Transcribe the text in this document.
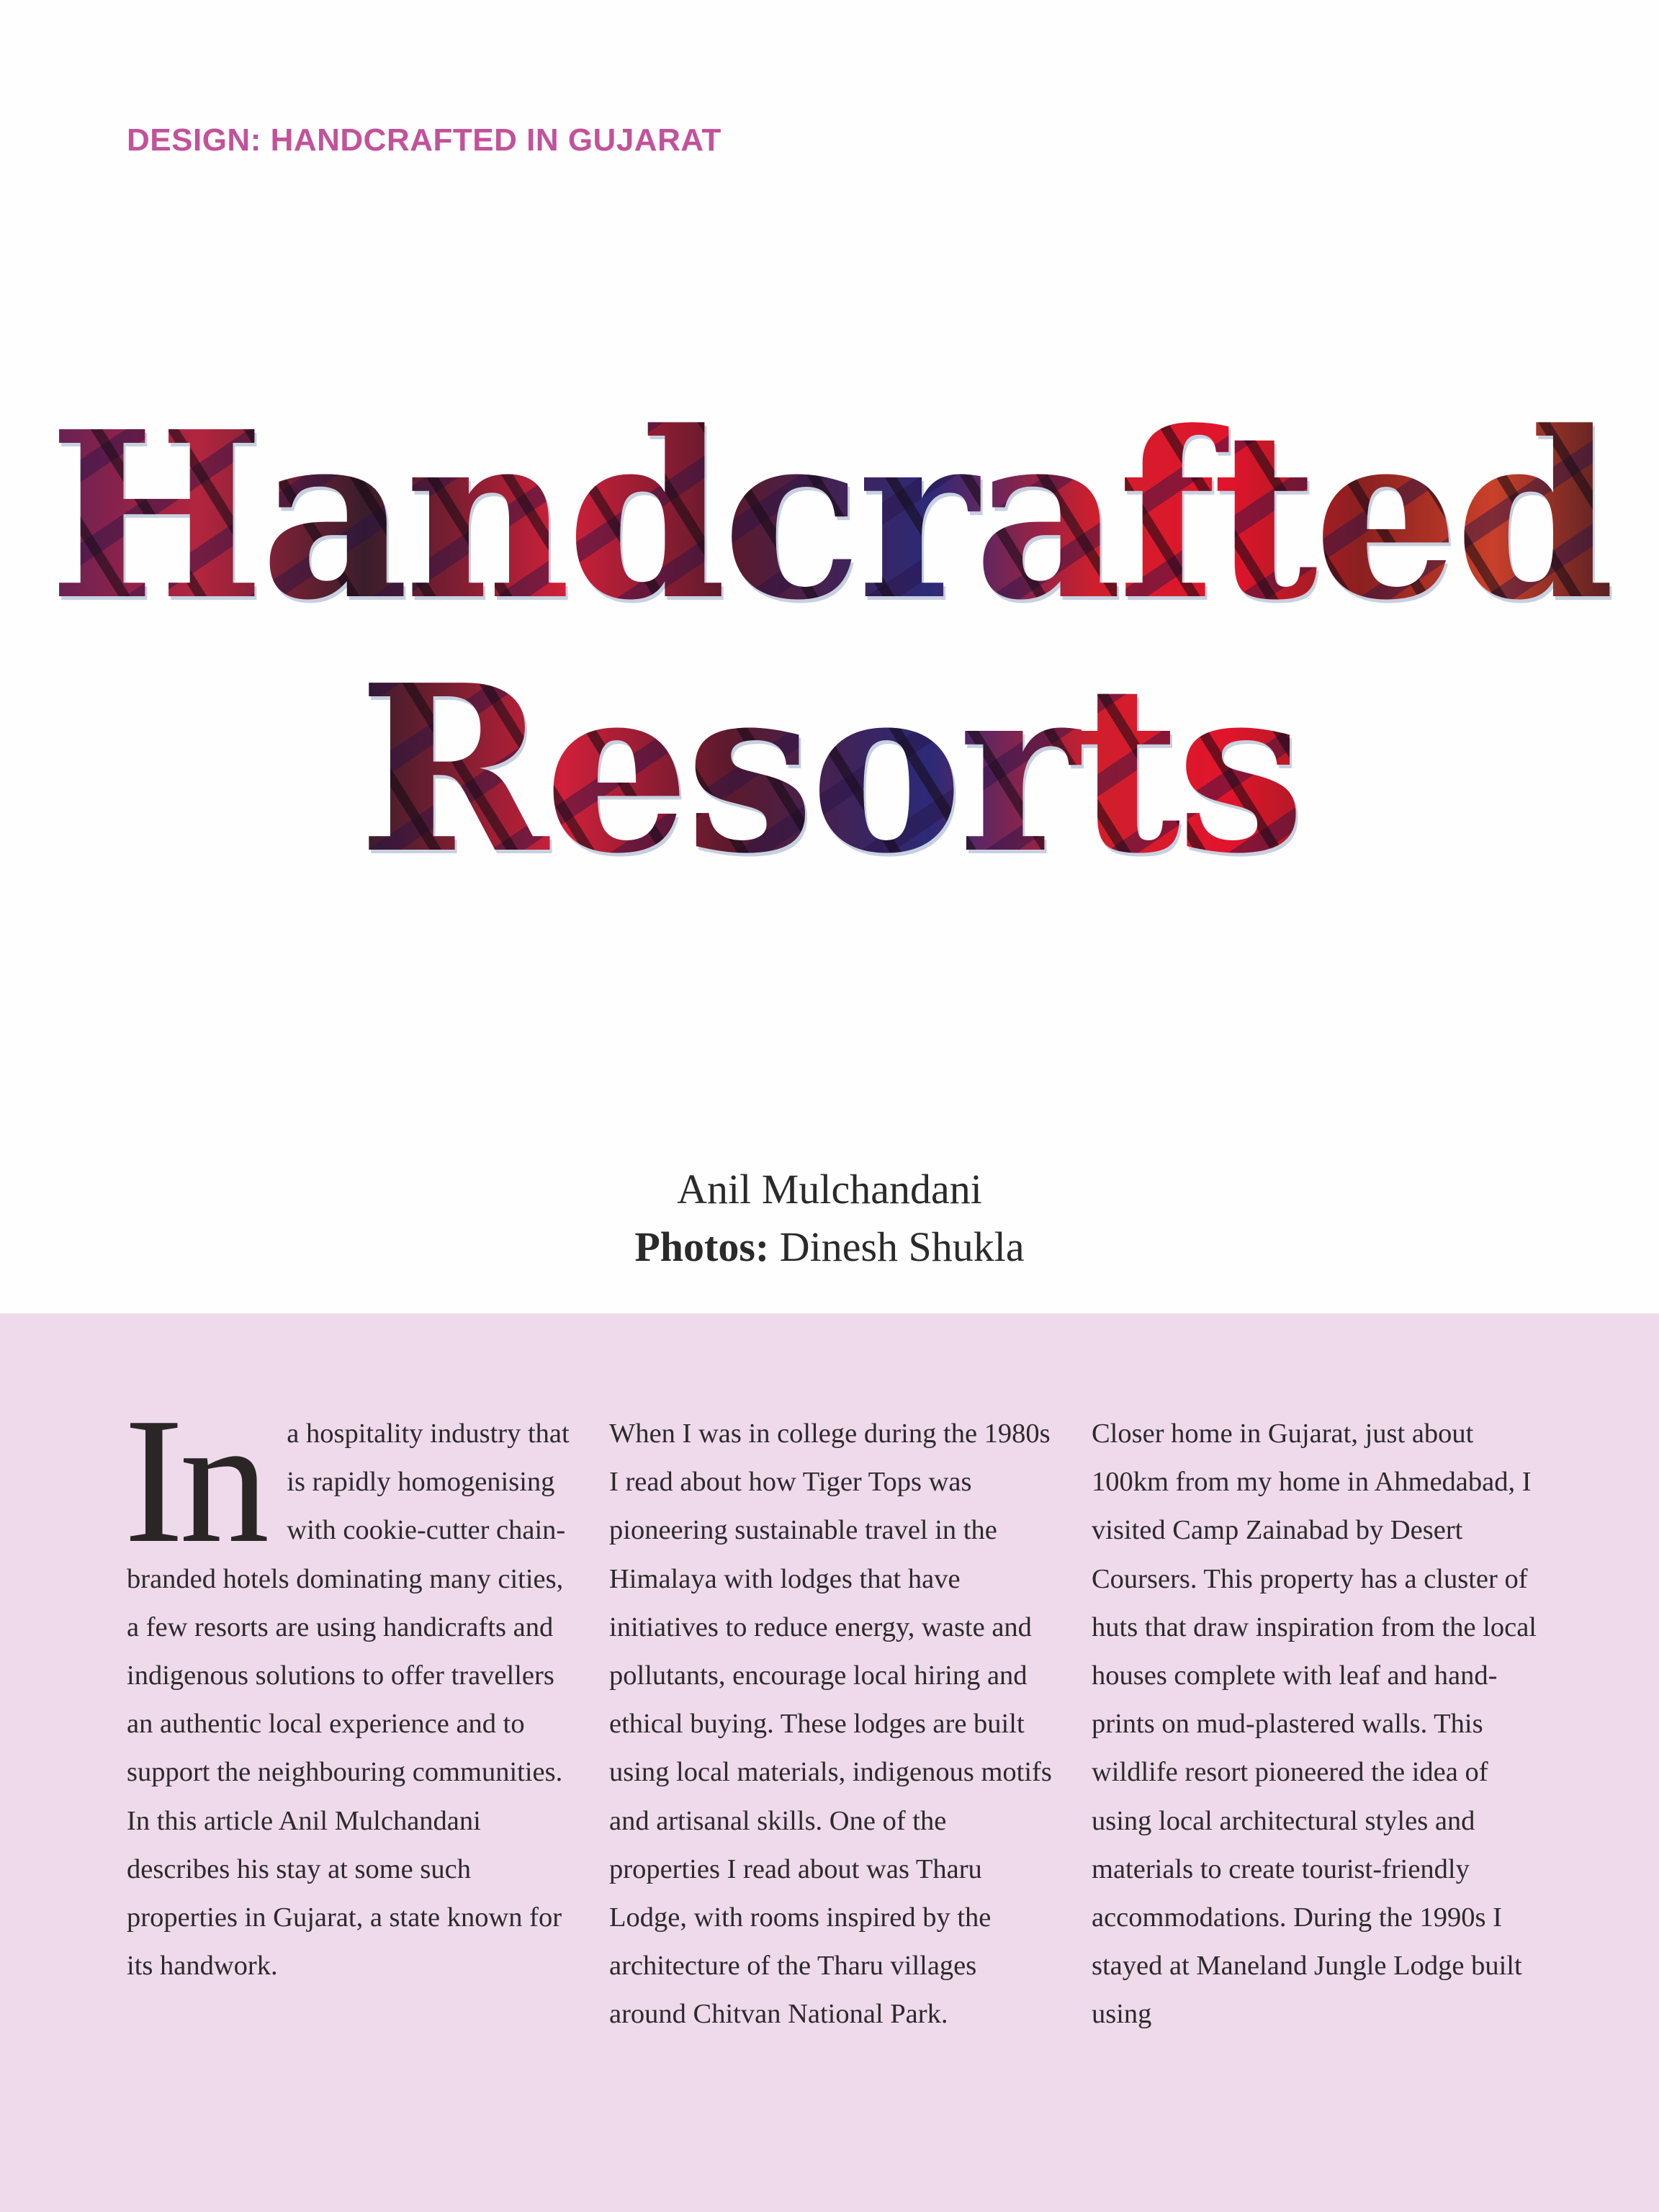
DESIGN: HANDCRAFTED IN GUJARAT
Handcrafted
Resorts
Anil Mulchandani
Photos: Dinesh Shukla
In a hospitality industry that is rapidly homogenising with cookie-cutter chain-branded hotels dominating many cities, a few resorts are using handicrafts and indigenous solutions to offer travellers an authentic local experience and to support the neighbouring communities. In this article Anil Mulchandani describes his stay at some such properties in Gujarat, a state known for its handwork.

When I was in college during the 1980s I read about how Tiger Tops was pioneering sustainable travel in the Himalaya with lodges that have initiatives to reduce energy, waste and pollutants, encourage local hiring and ethical buying. These lodges are built using local materials, indigenous motifs and artisanal skills. One of the properties I read about was Tharu Lodge, with rooms inspired by the architecture of the Tharu villages around Chitvan National Park.

Closer home in Gujarat, just about 100km from my home in Ahmedabad, I visited Camp Zainabad by Desert Coursers. This property has a cluster of huts that draw inspiration from the local houses complete with leaf and hand-prints on mud-plastered walls. This wildlife resort pioneered the idea of using local architectural styles and materials to create tourist-friendly accommodations. During the 1990s I stayed at Maneland Jungle Lodge built using
